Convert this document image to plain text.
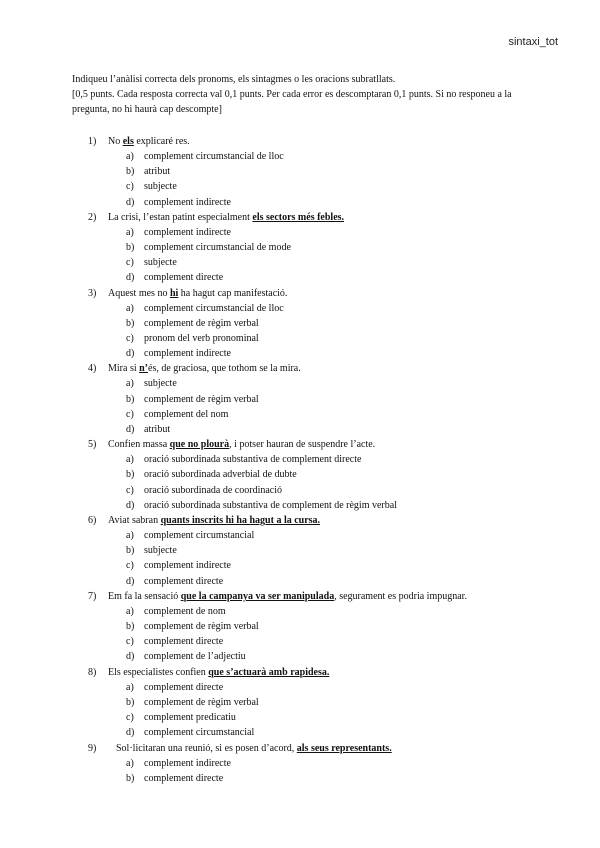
sintaxi_tot

Indiqueu l’anàlisi correcta dels pronoms, els sintagmes o les oracions subratllats.

[0,5 punts. Cada resposta correcta val 0,1 punts. Per cada error es descomptaran 0,1 punts. Si no responeu a la pregunta, no hi haurà cap descompte]

1) No els explicaré res.
a) complement circumstancial de lloc
b) atribut
c) subjecte
d) complement indirecte
2) La crisi, l’estan patint especialment els sectors més febles.
a) complement indirecte
b) complement circumstancial de mode
c) subjecte
d) complement directe
3) Aquest mes no hi ha hagut cap manifestació.
a) complement circumstancial de lloc
b) complement de règim verbal
c) pronom del verb pronominal
d) complement indirecte
4) Mira si n’és, de graciosa, que tothom se la mira.
a) subjecte
b) complement de règim verbal
c) complement del nom
d) atribut
5) Confien massa que no plourà, i potser hauran de suspendre l’acte.
a) oració subordinada substantiva de complement directe
b) oració subordinada adverbial de dubte
c) oració subordinada de coordinació
d) oració subordinada substantiva de complement de règim verbal
6) Aviat sabran quants inscrits hi ha hagut a la cursa.
a) complement circumstancial
b) subjecte
c) complement indirecte
d) complement directe
7) Em fa la sensació que la campanya va ser manipulada, segurament es podria impugnar.
a) complement de nom
b) complement de règim verbal
c) complement directe
d) complement de l’adjectiu
8) Els especialistes confien que s’actuarà amb rapidesa.
a) complement directe
b) complement de règim verbal
c) complement predicatiu
d) complement circumstancial
9)	Sol·licitaran una reunió, si es posen d’acord, als seus representants.
a) complement indirecte
b) complement directe
